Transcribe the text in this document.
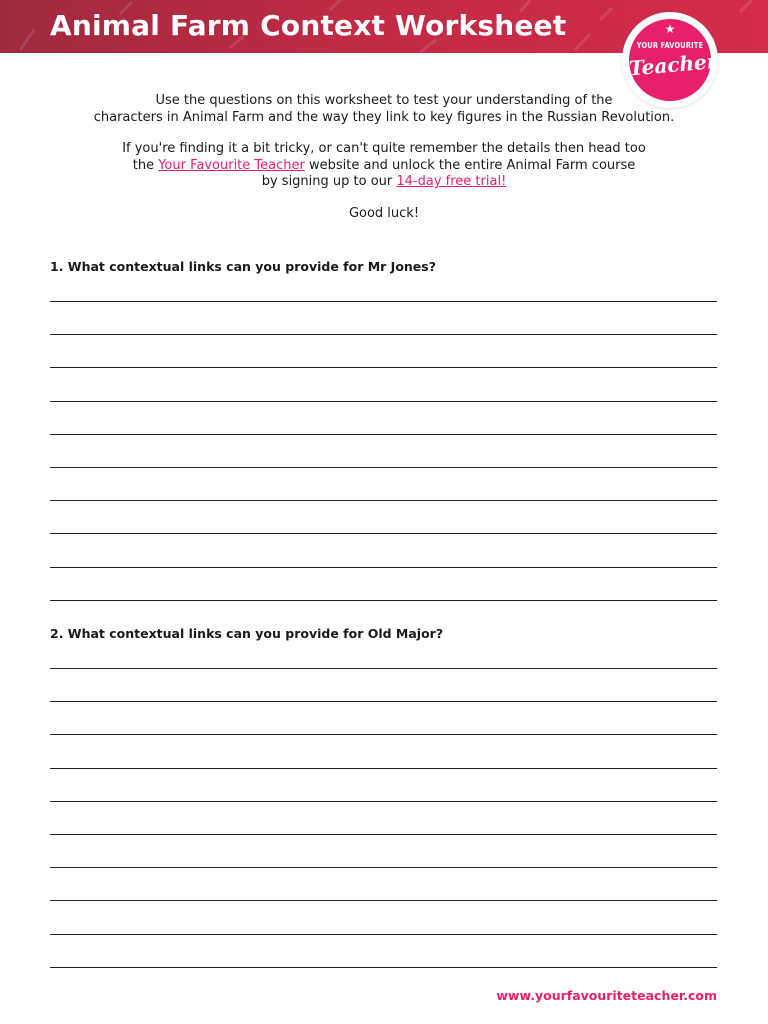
Animal Farm Context Worksheet	★
YOUR FAVOURITE
Teacher

Use the questions on this worksheet to test your understanding of the

characters in Animal Farm and the way they link to key figures in the Russian Revolution.

If you're finding it a bit tricky, or can't quite remember the details then head too

the Your Favourite Teacher website and unlock the entire Animal Farm course

by signing up to our 14-day free trial!

Good luck!

1. What contextual links can you provide for Mr Jones?
2. What contextual links can you provide for Old Major?
www.yourfavouriteteacher.com
